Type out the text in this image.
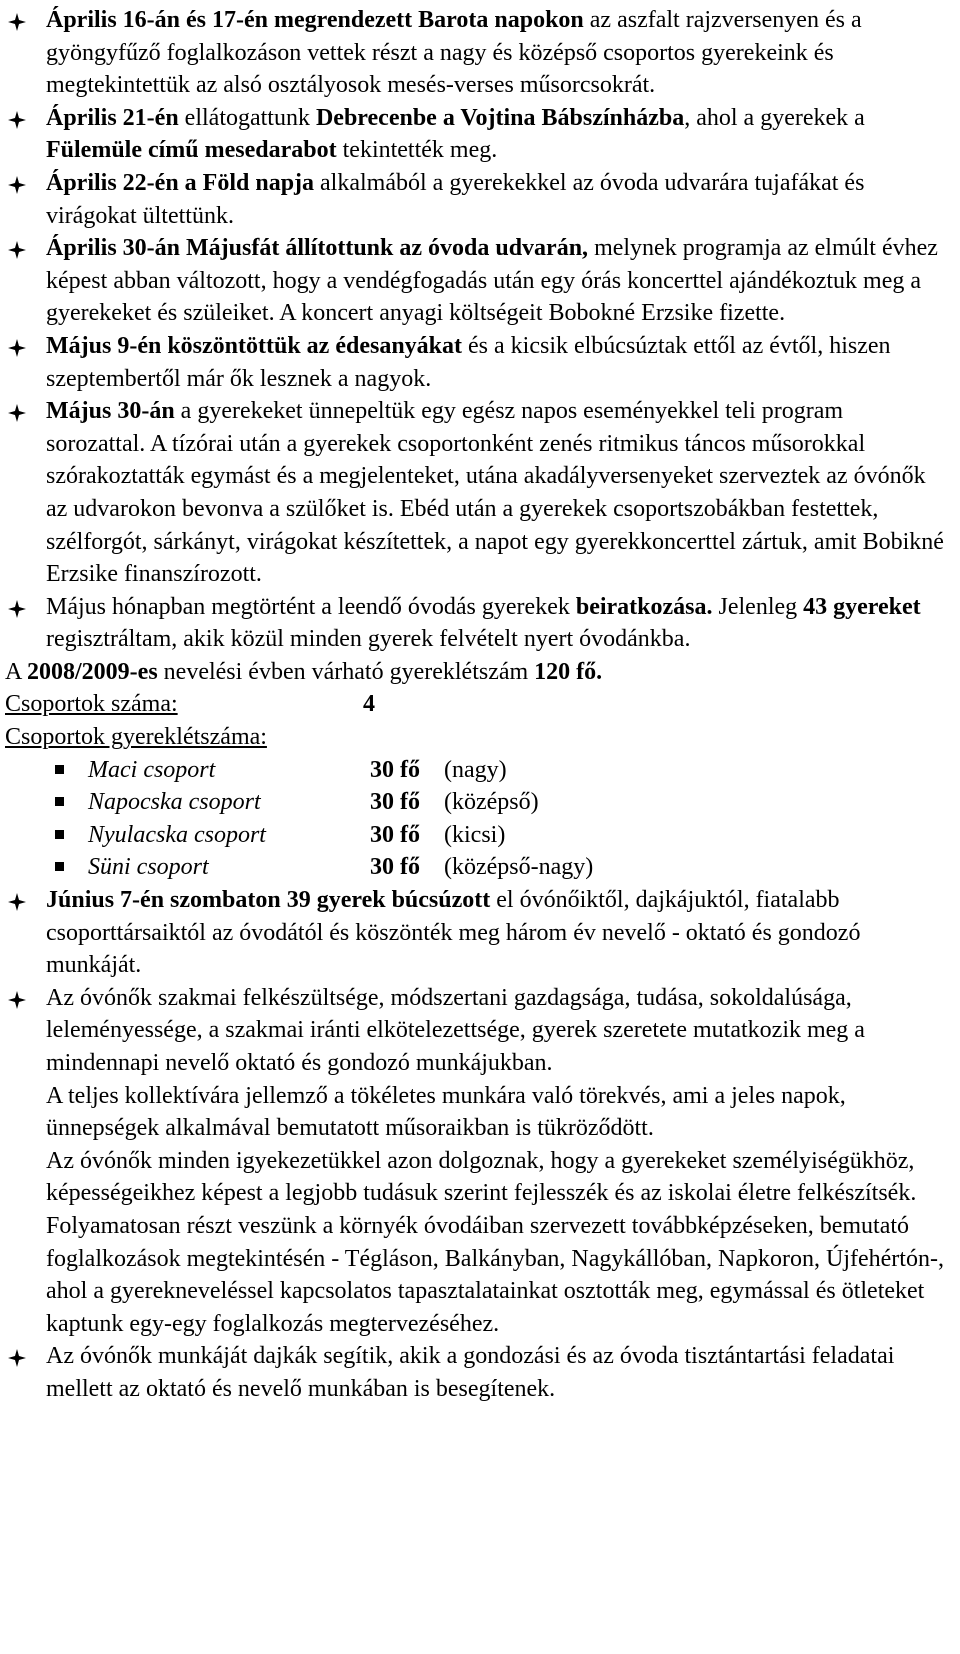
Április 16-án és 17-én megrendezett Barota napokon az aszfalt rajzversenyen és a gyöngyfűző foglalkozáson vettek részt a nagy és középső csoportos gyerekeink és megtekintettük az alsó osztályosok mesés-verses műsorcsokrát.
Április 21-én ellátogattunk Debrecenbe a Vojtina Bábszínházba, ahol a gyerekek a Fülemüle című mesedarabot tekintették meg.
Április 22-én a Föld napja alkalmából a gyerekekkel az óvoda udvarára tujafákat és virágokat ültettünk.
Április 30-án Májusfát állítottunk az óvoda udvarán, melynek programja az elmúlt évhez képest abban változott, hogy a vendégfogadás után egy órás koncerttel ajándékoztuk meg a gyerekeket és szüleiket. A koncert anyagi költségeit Bobokné Erzsike fizette.
Május 9-én köszöntöttük az édesanyákat és a kicsik elbúcsúztak ettől az évtől, hiszen szeptembertől már ők lesznek a nagyok.
Május 30-án a gyerekeket ünnepeltük egy egész napos eseményekkel teli program sorozattal. A tízórai után a gyerekek csoportonként zenés ritmikus táncos műsorokkal szórakoztatták egymást és a megjelenteket, utána akadályversenyeket szerveztek az óvónők az udvarokon bevonva a szülőket is. Ebéd után a gyerekek csoportszobákban festettek, szélforgót, sárkányt, virágokat készítettek, a napot egy gyerekkoncerttel zártuk, amit Bobikné Erzsike finanszírozott.
Május hónapban megtörtént a leendő óvodás gyerekek beiratkozása. Jelenleg 43 gyereket regisztráltam, akik közül minden gyerek felvételt nyert óvodánkba.
A 2008/2009-es nevelési évben várható gyereklétszám 120 fő.
Csoportok száma:	4
Csoportok gyereklétszáma:
Maci csoport	30 fő (nagy)
Napocska csoport	30 fő (középső)
Nyulacska csoport	30 fő (kicsi)
Süni csoport	30 fő (középső-nagy)
Június 7-én szombaton 39 gyerek búcsúzott el óvónőiktől, dajkájuktól, fiatalabb csoporttársaiktól az óvodától és köszönték meg három év nevelő - oktató és gondozó munkáját.
Az óvónők szakmai felkészültsége, módszertani gazdagsága, tudása, sokoldalúsága, leleményessége, a szakmai iránti elkötelezettsége, gyerek szeretete mutatkozik meg a mindennapi nevelő oktató és gondozó munkájukban.
A teljes kollektívára jellemző a tökéletes munkára való törekvés, ami a jeles napok, ünnepségek alkalmával bemutatott műsoraikban is tükröződött.
Az óvónők minden igyekezetükkel azon dolgoznak, hogy a gyerekeket személyiségükhöz, képességeikhez képest a legjobb tudásuk szerint fejlesszék és az iskolai életre felkészítsék.
Folyamatosan részt veszünk a környék óvodáiban szervezett továbbképzéseken, bemutató foglalkozások megtekintésén - Tégláson, Balkányban, Nagykállóban, Napkoron, Újfehértón-, ahol a gyerekneveléssel kapcsolatos tapasztalatainkat osztották meg, egymással és ötleteket kaptunk egy-egy foglalkozás megtervezéséhez.
Az óvónők munkáját dajkák segítik, akik a gondozási és az óvoda tisztántartási feladatai mellett az oktató és nevelő munkában is besegítenek.
